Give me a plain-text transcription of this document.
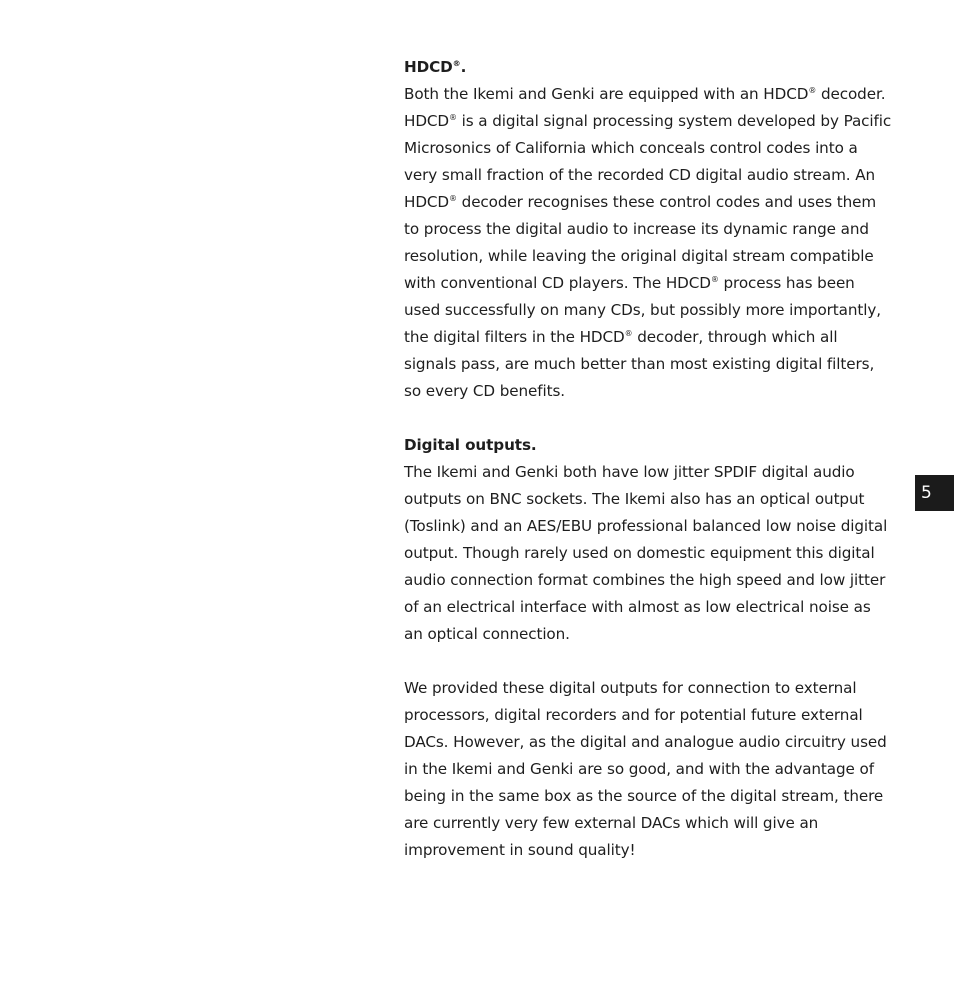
HDCD®.

Both the Ikemi and Genki are equipped with an HDCD® decoder. HDCD® is a digital signal processing system developed by Pacific Microsonics of California which conceals control codes into a very small fraction of the recorded CD digital audio stream. An HDCD® decoder recognises these control codes and uses them to process the digital audio to increase its dynamic range and resolution, while leaving the original digital stream compatible with conventional CD players. The HDCD® process has been used successfully on many CDs, but possibly more importantly, the digital filters in the HDCD® decoder, through which all signals pass, are much better than most existing digital filters, so every CD benefits.

Digital outputs.

The Ikemi and Genki both have low jitter SPDIF digital audio outputs on BNC sockets. The Ikemi also has an optical output (Toslink) and an AES/EBU professional balanced low noise digital output. Though rarely used on domestic equipment this digital audio connection format combines the high speed and low jitter of an electrical interface with almost as low electrical noise as an optical connection.

We provided these digital outputs for connection to external processors, digital recorders and for potential future external DACs. However, as the digital and analogue audio circuitry used in the Ikemi and Genki are so good, and with the advantage of being in the same box as the source of the digital stream, there are currently very few external DACs which will give an improvement in sound quality!

5
